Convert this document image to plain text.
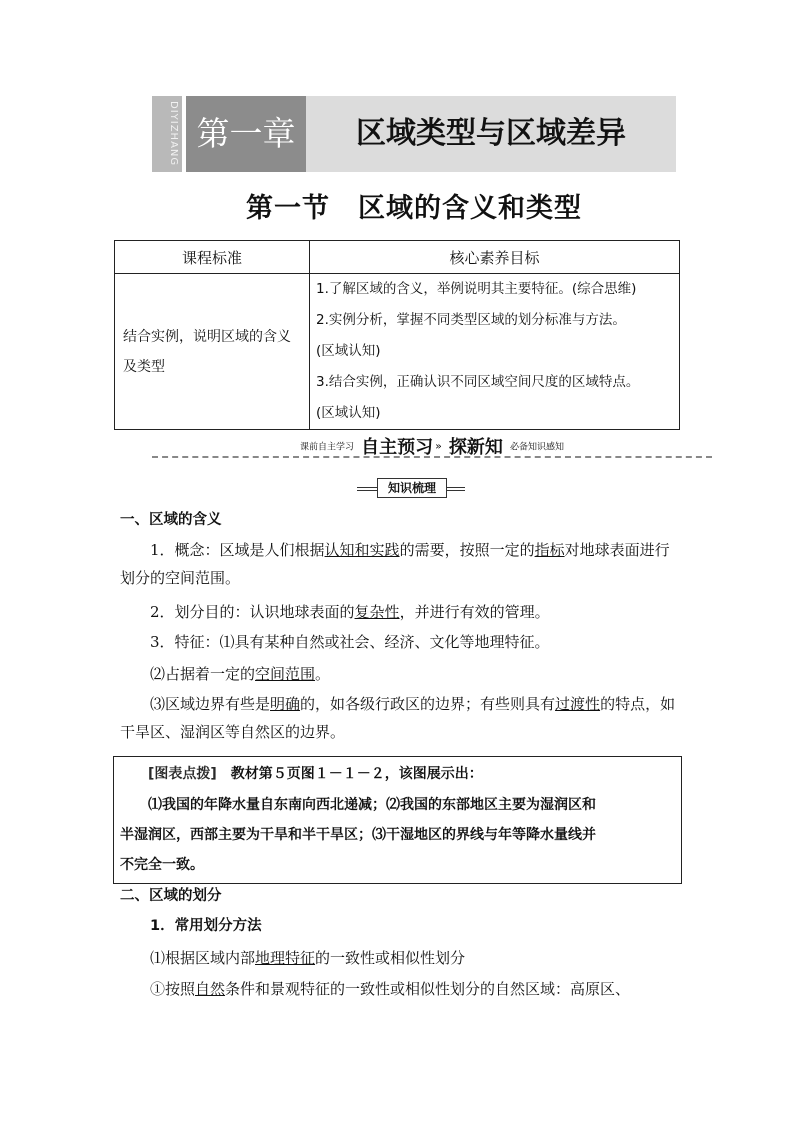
DIYIZHANG 第一章	区域类型与区域差异
第一节　区域的含义和类型
课程标准	核心素养目标
结合实例，说明区域的含义及类型	1.了解区域的含义，举例说明其主要特征。(综合思维)
2.实例分析，掌握不同类型区域的划分标准与方法。
(区域认知)
3.结合实例，正确认识不同区域空间尺度的区域特点。
(区域认知)
课前自主学习 自主预习 » 探新知 必备知识感知
知识梳理
一、区域的含义
1．概念：区域是人们根据认知和实践的需要，按照一定的指标对地球表面进行划分的空间范围。
2．划分目的：认识地球表面的复杂性，并进行有效的管理。
3．特征：⑴具有某种自然或社会、经济、文化等地理特征。
⑵占据着一定的空间范围。
⑶区域边界有些是明确的，如各级行政区的边界；有些则具有过渡性的特点，如干旱区、湿润区等自然区的边界。
[图表点拨]　 教材第５页图１－１－２，该图展示出：
⑴我国的年降水量自东南向西北递减；⑵我国的东部地区主要为湿润区和
半湿润区，西部主要为干旱和半干旱区；⑶干湿地区的界线与年等降水量线并
不完全一致。
二、区域的划分
1．常用划分方法
⑴根据区域内部地理特征的一致性或相似性划分
①按照自然条件和景观特征的一致性或相似性划分的自然区域：高原区、
